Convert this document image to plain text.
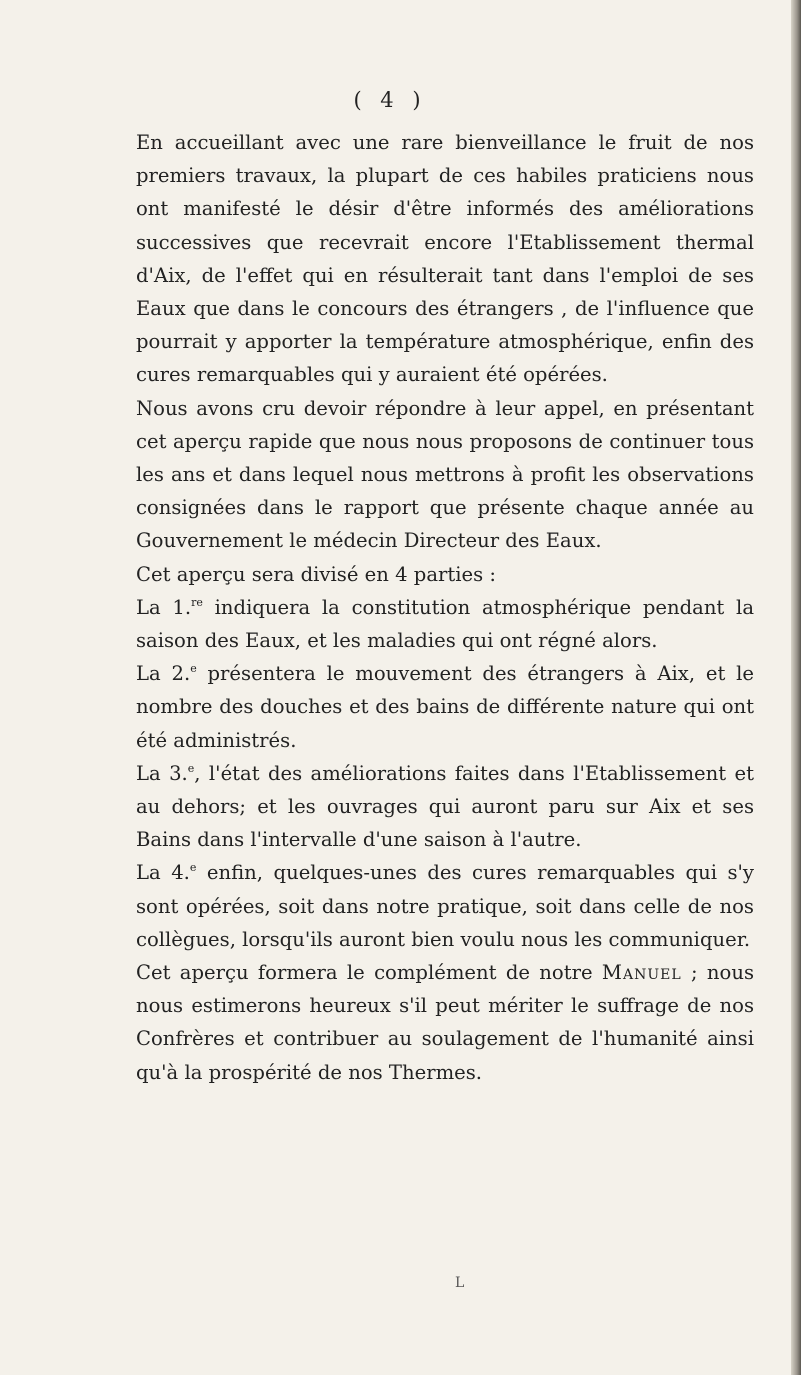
( 4 )

En accueillant avec une rare bienveillance le fruit de nos premiers travaux, la plupart de ces habiles praticiens nous ont manifesté le désir d'être informés des améliorations successives que recevrait encore l'Etablissement thermal d'Aix, de l'effet qui en résulterait tant dans l'emploi de ses Eaux que dans le concours des étrangers , de l'influence que pourrait y apporter la température atmosphérique, enfin des cures remarquables qui y auraient été opérées.

Nous avons cru devoir répondre à leur appel, en présentant cet aperçu rapide que nous nous proposons de continuer tous les ans et dans lequel nous mettrons à profit les observations consignées dans le rapport que présente chaque année au Gouvernement le médecin Directeur des Eaux.

Cet aperçu sera divisé en 4 parties :

La 1.$^{re}$ indiquera la constitution atmosphérique pendant la saison des Eaux, et les maladies qui ont régné alors.

La 2.$^e$ présentera le mouvement des étrangers à Aix, et le nombre des douches et des bains de différente nature qui ont été administrés.

La 3.$^e$, l'état des améliorations faites dans l'Etablissement et au dehors; et les ouvrages qui auront paru sur Aix et ses Bains dans l'intervalle d'une saison à l'autre.

La 4.$^e$ enfin, quelques-unes des cures remarquables qui s'y sont opérées, soit dans notre pratique, soit dans celle de nos collègues, lorsqu'ils auront bien voulu nous les communiquer.

Cet aperçu formera le complément de notre Manuel ; nous nous estimerons heureux s'il peut mériter le suffrage de nos Confrères et contribuer au soulagement de l'humanité ainsi qu'à la prospérité de nos Thermes.

L
